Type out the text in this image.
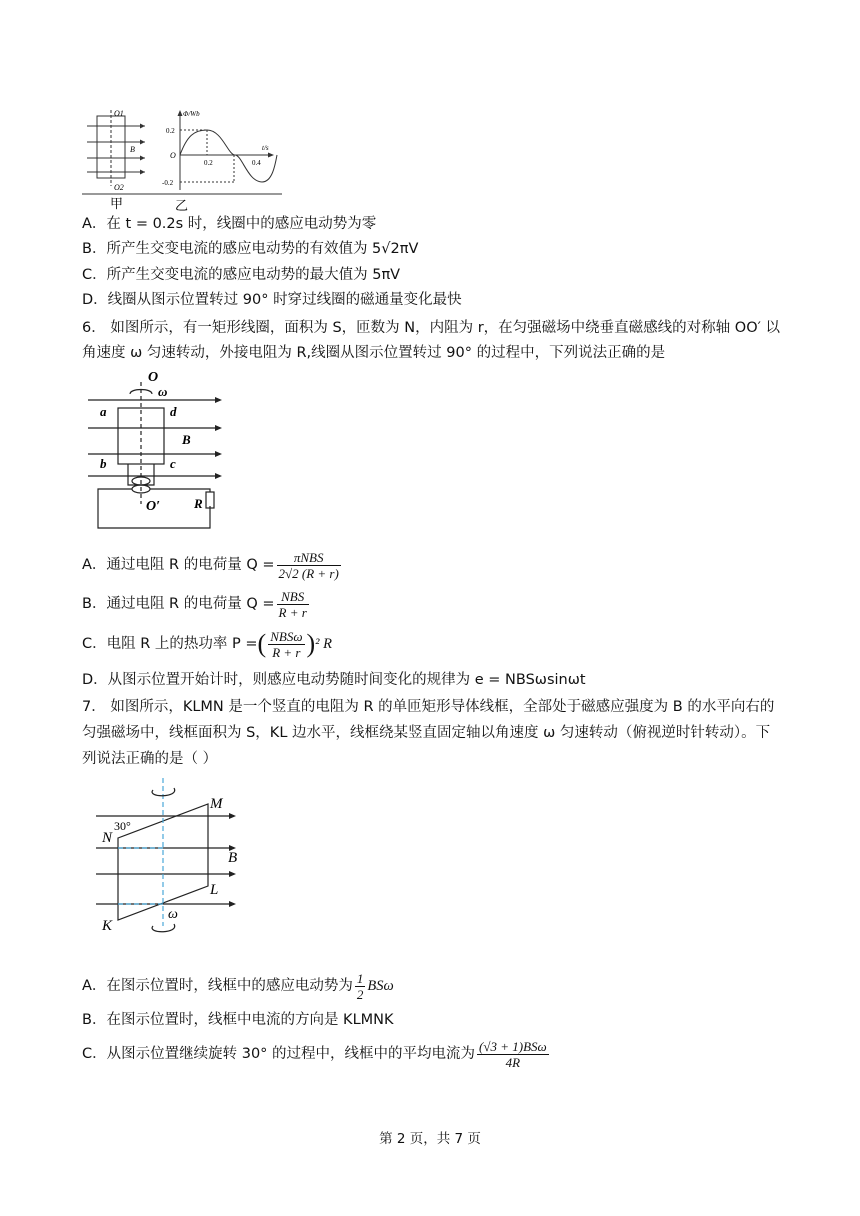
O1
O2
B
Φ/Wb
t/s
O
0.2
-0.2
0.2	0.4
甲	乙
A．在 t = 0.2s 时，线圈中的感应电动势为零
B．所产生交变电流的感应电动势的有效值为 5√2πV
C．所产生交变电流的感应电动势的最大值为 5πV
D．线圈从图示位置转过 90° 时穿过线圈的磁通量变化最快
6． 如图所示，有一矩形线圈，面积为 S，匝数为 N，内阻为 r，在匀强磁场中绕垂直磁感线的对称轴 OO′ 以
角速度 ω 匀速转动，外接电阻为 R,线圈从图示位置转过 90° 的过程中，下列说法正确的是
O
ω
a	d
B
b	c
O′	R
A．通过电阻 R 的电荷量 $Q = \frac{\text{πNBS}}{2√2 (R + r)}$
B．通过电阻 R 的电荷量 $Q = \frac{\text{NBS}}{R + r}$
C．电阻 R 上的热功率 P =( $\frac{\text{NBSω}}{R + r} )^2$ R
D．从图示位置开始计时，则感应电动势随时间变化的规律为 e = NBSωsinωt
7． 如图所示，KLMN 是一个竖直的电阻为 R 的单匝矩形导体线框，全部处于磁感应强度为 B 的水平向右的
匀强磁场中，线框面积为 S，KL 边水平，线框绕某竖直固定轴以角速度 ω 匀速转动（俯视逆时针转动）。下
列说法正确的是（ ）
M
30°
N
B
L
ω
K
A．在图示位置时，线框中的感应电动势为 $\frac{1}{2}$ BSω
B．在图示位置时，线框中电流的方向是 KLMNK
C．从图示位置继续旋转 30° 的过程中，线框中的平均电流为 $\frac{\text{(√3 + 1)BSω}}{4R}$
第 2 页，共 7 页
